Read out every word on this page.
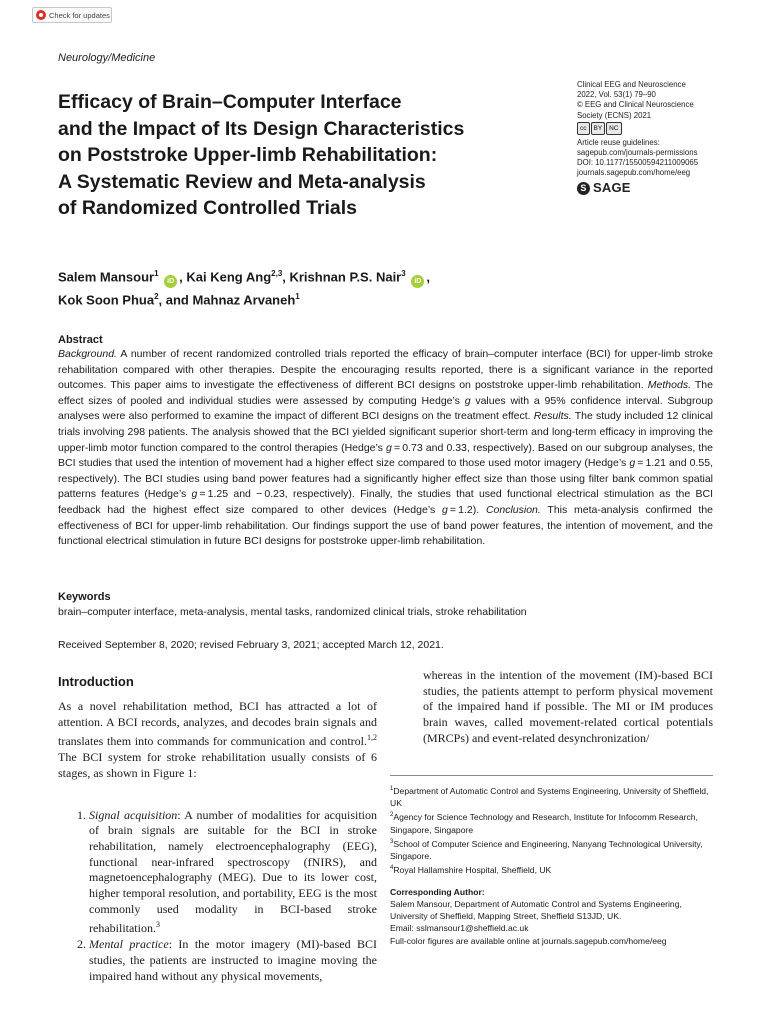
Check for updates
Neurology/Medicine
Efficacy of Brain–Computer Interface
and the Impact of Its Design Characteristics
on Poststroke Upper-limb Rehabilitation:
A Systematic Review and Meta-analysis
of Randomized Controlled Trials
Clinical EEG and Neuroscience
2022, Vol. 53(1) 79–90
© EEG and Clinical Neuroscience
Society (ECNS) 2021
cc	BY	NC
Article reuse guidelines:
sagepub.com/journals-permissions
DOI: 10.1177/15500594211009065
journals.sagepub.com/home/eeg
S SAGE
Salem Mansour$^1$ iD , Kai Keng Ang$^{2,3}$, Krishnan P.S. Nair$^3$ iD ,
Kok Soon Phua$^2$, and Mahnaz Arvaneh$^1$
Abstract

Background. A number of recent randomized controlled trials reported the efficacy of brain–computer interface (BCI) for upper-limb stroke rehabilitation compared with other therapies. Despite the encouraging results reported, there is a significant variance in the reported outcomes. This paper aims to investigate the effectiveness of different BCI designs on poststroke upper-limb rehabilitation. Methods. The effect sizes of pooled and individual studies were assessed by computing Hedge’s g values with a 95% confidence interval. Subgroup analyses were also performed to examine the impact of different BCI designs on the treatment effect. Results. The study included 12 clinical trials involving 298 patients. The analysis showed that the BCI yielded significant superior short-term and long-term efficacy in improving the upper-limb motor function compared to the control therapies (Hedge’s g = 0.73 and 0.33, respectively). Based on our subgroup analyses, the BCI studies that used the intention of movement had a higher effect size compared to those used motor imagery (Hedge’s g = 1.21 and 0.55, respectively). The BCI studies using band power features had a significantly higher effect size than those using filter bank common spatial patterns features (Hedge’s g = 1.25 and − 0.23, respectively). Finally, the studies that used functional electrical stimulation as the BCI feedback had the highest effect size compared to other devices (Hedge’s g = 1.2). Conclusion. This meta-analysis confirmed the effectiveness of BCI for upper-limb rehabilitation. Our findings support the use of band power features, the intention of movement, and the functional electrical stimulation in future BCI designs for poststroke upper-limb rehabilitation.

Keywords

brain–computer interface, meta-analysis, mental tasks, randomized clinical trials, stroke rehabilitation

Received September 8, 2020; revised February 3, 2021; accepted March 12, 2021.
Introduction

As a novel rehabilitation method, BCI has attracted a lot of attention. A BCI records, analyzes, and decodes brain signals and translates them into commands for communication and control.$^{1,2}$ The BCI system for stroke rehabilitation usually consists of 6 stages, as shown in Figure 1:

1. Signal acquisition: A number of modalities for acquisition of brain signals are suitable for the BCI in stroke rehabilitation, namely electroencephalography (EEG), functional near-infrared spectroscopy (fNIRS), and magnetoencephalography (MEG). Due to its lower cost, higher temporal resolution, and portability, EEG is the most commonly used modality in BCI-based stroke rehabilitation.$^3$
2. Mental practice: In the motor imagery (MI)-based BCI studies, the patients are instructed to imagine moving the impaired hand without any physical movements,

whereas in the intention of the movement (IM)-based BCI studies, the patients attempt to perform physical movement of the impaired hand if possible. The MI or IM produces brain waves, called movement-related cortical potentials (MRCPs) and event-related desynchronization/

$^1$Department of Automatic Control and Systems Engineering, University of Sheffield, UK

$^2$Agency for Science Technology and Research, Institute for Infocomm Research, Singapore, Singapore

$^3$School of Computer Science and Engineering, Nanyang Technological University, Singapore.

$^4$Royal Hallamshire Hospital, Sheffield, UK

Corresponding Author:

Salem Mansour, Department of Automatic Control and Systems Engineering, University of Sheffield, Mapping Street, Sheffield S13JD, UK.

Email: sslmansour1@sheffield.ac.uk

Full-color figures are available online at journals.sagepub.com/home/eeg
